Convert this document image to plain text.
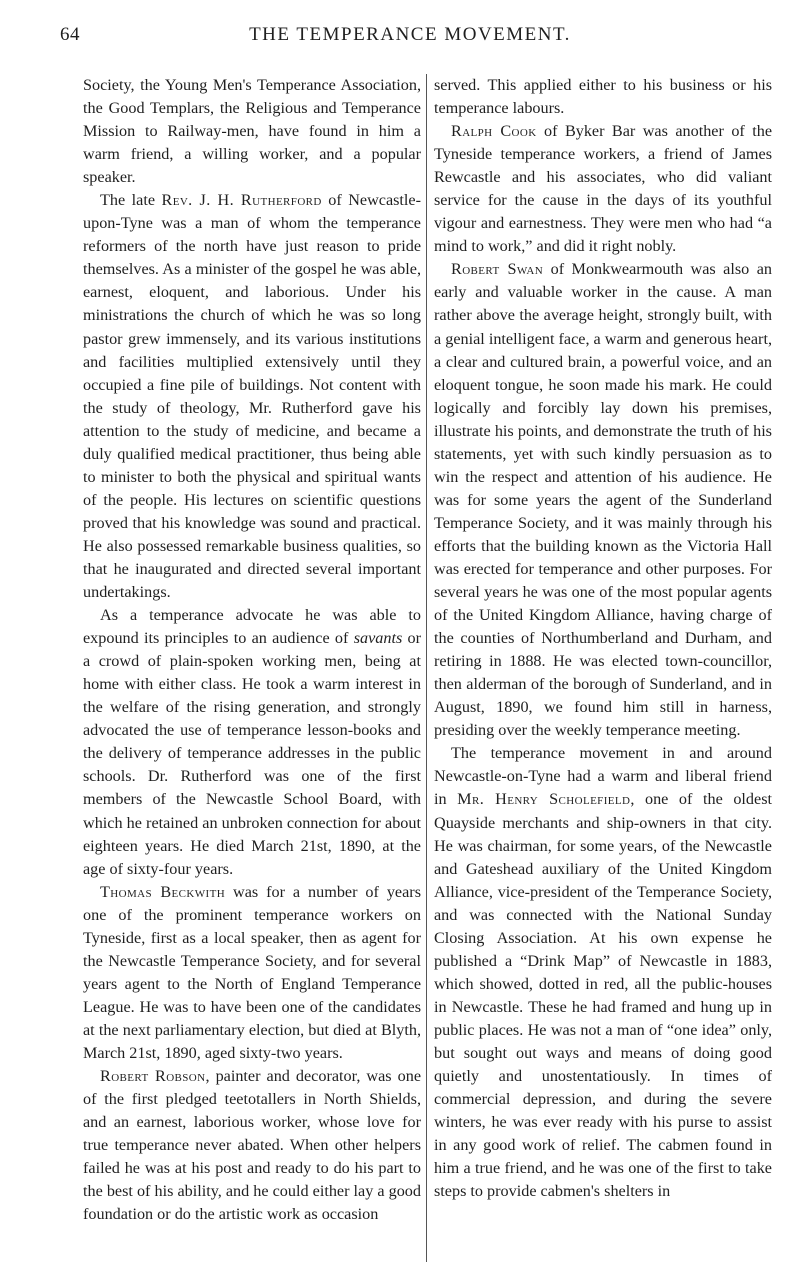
64	THE TEMPERANCE MOVEMENT.

Society, the Young Men's Temperance Association, the Good Templars, the Religious and Temperance Mission to Railway-men, have found in him a warm friend, a willing worker, and a popular speaker.

The late Rev. J. H. Rutherford of Newcastle-upon-Tyne was a man of whom the temperance reformers of the north have just reason to pride themselves. As a minister of the gospel he was able, earnest, eloquent, and laborious. Under his ministrations the church of which he was so long pastor grew immensely, and its various institutions and facilities multiplied extensively until they occupied a fine pile of buildings. Not content with the study of theology, Mr. Rutherford gave his attention to the study of medicine, and became a duly qualified medical practitioner, thus being able to minister to both the physical and spiritual wants of the people. His lectures on scientific questions proved that his knowledge was sound and practical. He also possessed remarkable business qualities, so that he inaugurated and directed several important undertakings.

As a temperance advocate he was able to expound its principles to an audience of savants or a crowd of plain-spoken working men, being at home with either class. He took a warm interest in the welfare of the rising generation, and strongly advocated the use of temperance lesson-books and the delivery of temperance addresses in the public schools. Dr. Rutherford was one of the first members of the Newcastle School Board, with which he retained an unbroken connection for about eighteen years. He died March 21st, 1890, at the age of sixty-four years.

Thomas Beckwith was for a number of years one of the prominent temperance workers on Tyneside, first as a local speaker, then as agent for the Newcastle Temperance Society, and for several years agent to the North of England Temperance League. He was to have been one of the candidates at the next parliamentary election, but died at Blyth, March 21st, 1890, aged sixty-two years.

Robert Robson, painter and decorator, was one of the first pledged teetotallers in North Shields, and an earnest, laborious worker, whose love for true temperance never abated. When other helpers failed he was at his post and ready to do his part to the best of his ability, and he could either lay a good foundation or do the artistic work as occasion

served. This applied either to his business or his temperance labours.

Ralph Cook of Byker Bar was another of the Tyneside temperance workers, a friend of James Rewcastle and his associates, who did valiant service for the cause in the days of its youthful vigour and earnestness. They were men who had “a mind to work,” and did it right nobly.

Robert Swan of Monkwearmouth was also an early and valuable worker in the cause. A man rather above the average height, strongly built, with a genial intelligent face, a warm and generous heart, a clear and cultured brain, a powerful voice, and an eloquent tongue, he soon made his mark. He could logically and forcibly lay down his premises, illustrate his points, and demonstrate the truth of his statements, yet with such kindly persuasion as to win the respect and attention of his audience. He was for some years the agent of the Sunderland Temperance Society, and it was mainly through his efforts that the building known as the Victoria Hall was erected for temperance and other purposes. For several years he was one of the most popular agents of the United Kingdom Alliance, having charge of the counties of Northumberland and Durham, and retiring in 1888. He was elected town-councillor, then alderman of the borough of Sunderland, and in August, 1890, we found him still in harness, presiding over the weekly temperance meeting.

The temperance movement in and around Newcastle-on-Tyne had a warm and liberal friend in Mr. Henry Scholefield, one of the oldest Quayside merchants and ship-owners in that city. He was chairman, for some years, of the Newcastle and Gateshead auxiliary of the United Kingdom Alliance, vice-president of the Temperance Society, and was connected with the National Sunday Closing Association. At his own expense he published a “Drink Map” of Newcastle in 1883, which showed, dotted in red, all the public-houses in Newcastle. These he had framed and hung up in public places. He was not a man of “one idea” only, but sought out ways and means of doing good quietly and unostentatiously. In times of commercial depression, and during the severe winters, he was ever ready with his purse to assist in any good work of relief. The cabmen found in him a true friend, and he was one of the first to take steps to provide cabmen's shelters in
